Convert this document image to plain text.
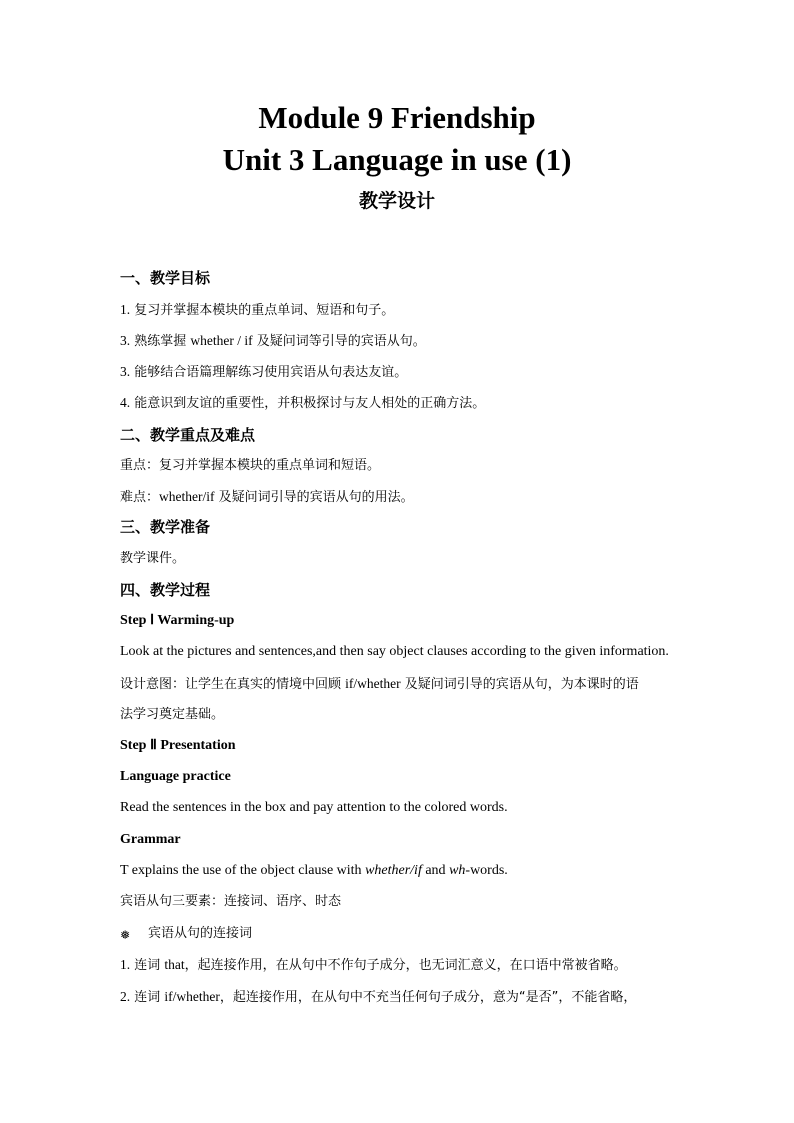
Module 9 Friendship
Unit 3 Language in use (1)
教学设计
一、教学目标
1. 复习并掌握本模块的重点单词、短语和句子。
3. 熟练掌握 whether / if 及疑问词等引导的宾语从句。
3. 能够结合语篇理解练习使用宾语从句表达友谊。
4. 能意识到友谊的重要性，并积极探讨与友人相处的正确方法。
二、教学重点及难点
重点：复习并掌握本模块的重点单词和短语。
难点：whether/if 及疑问词引导的宾语从句的用法。
三、教学准备
教学课件。
四、教学过程
Step Ⅰ Warming-up
Look at the pictures and sentences,and then say object clauses according to the given information.
设计意图：让学生在真实的情境中回顾 if/whether 及疑问词引导的宾语从句，为本课时的语
法学习奠定基础。
Step Ⅱ Presentation
Language practice
Read the sentences in the box and pay attention to the colored words.
Grammar
T explains the use of the object clause with whether/if and wh-words.
宾语从句三要素：连接词、语序、时态
❅ 宾语从句的连接词
1. 连词 that，起连接作用，在从句中不作句子成分，也无词汇意义，在口语中常被省略。
2. 连词 if/whether，起连接作用，在从句中不充当任何句子成分，意为“是否”，不能省略，
